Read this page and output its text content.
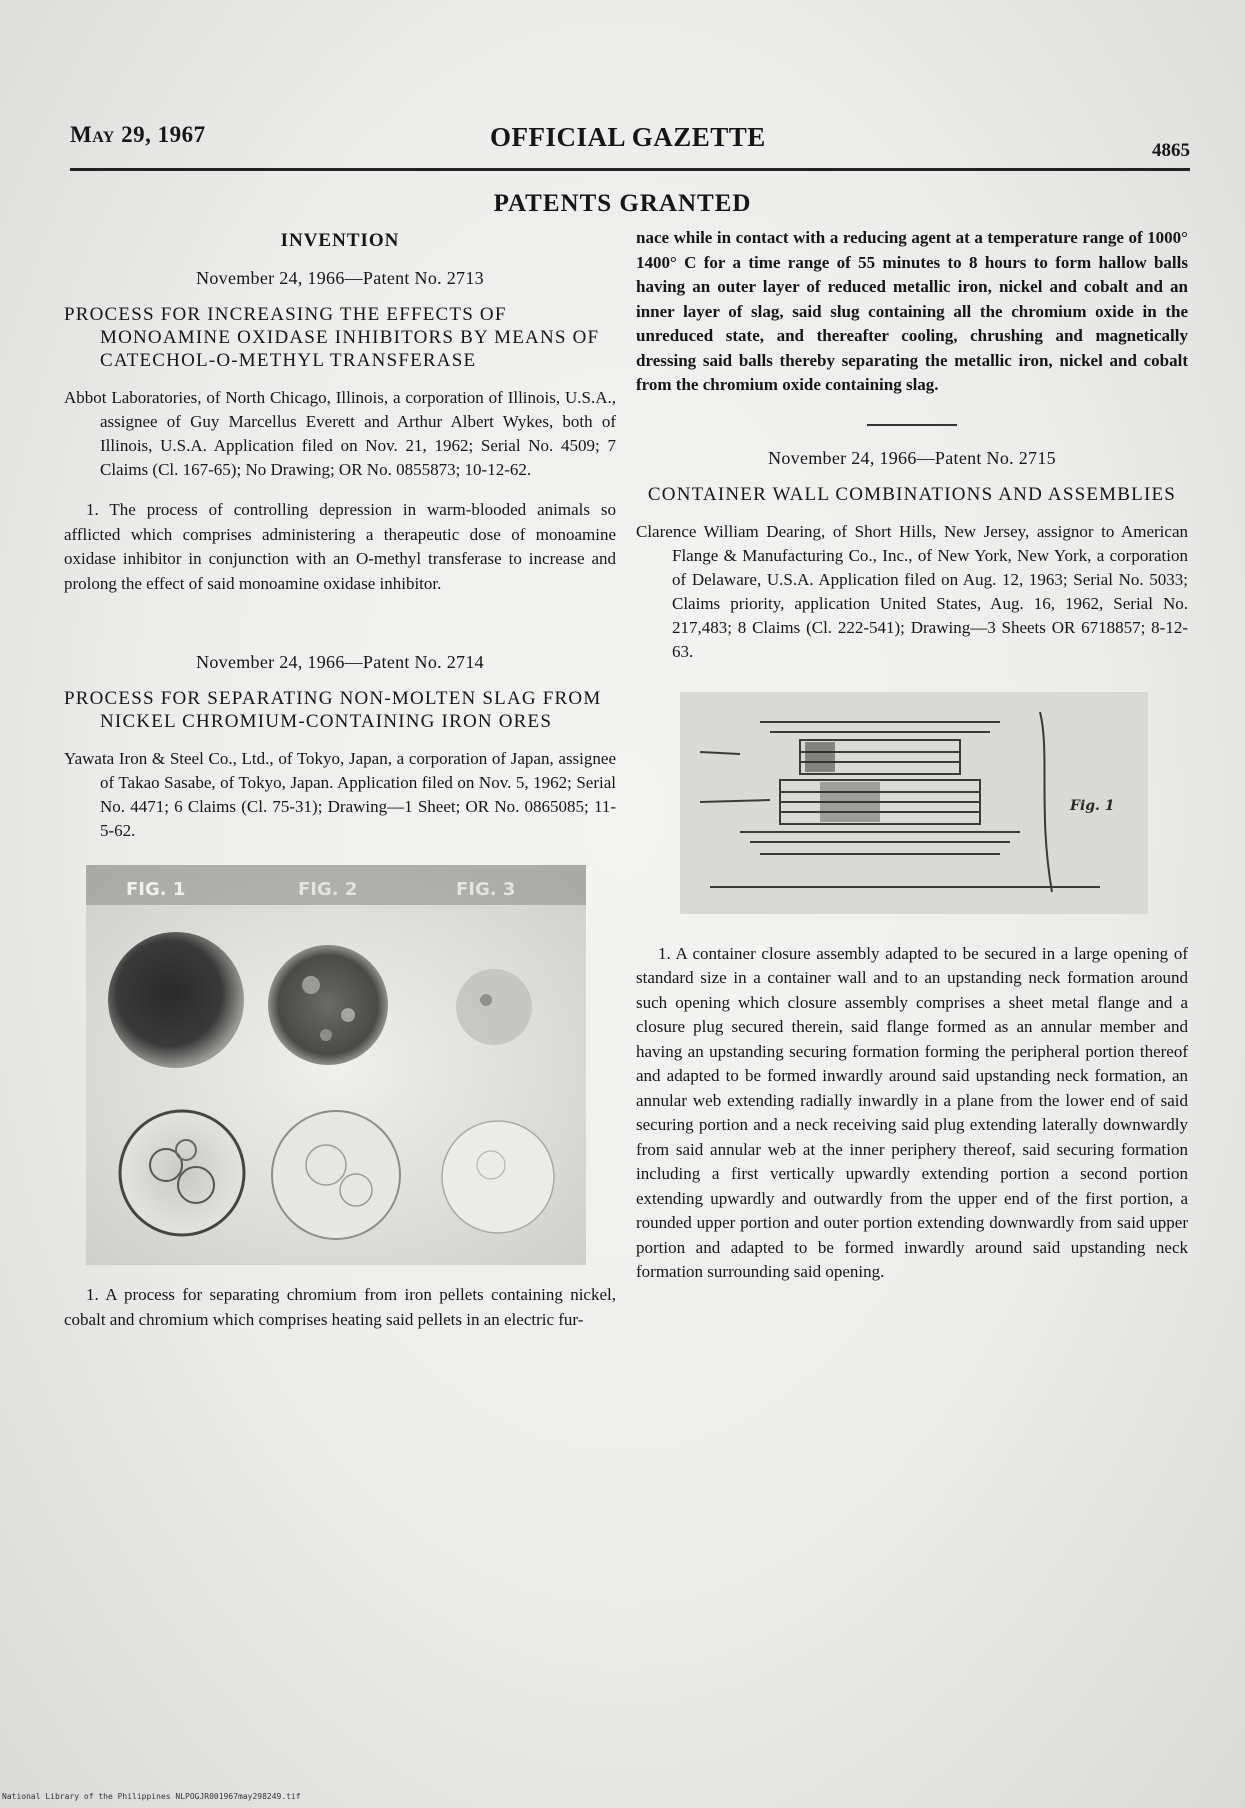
May 29, 1967	OFFICIAL GAZETTE	4865
PATENTS GRANTED
INVENTION
November 24, 1966—Patent No. 2713
PROCESS FOR INCREASING THE EFFECTS OF MONOAMINE OXIDASE INHIBITORS BY MEANS OF CATECHOL-O-METHYL TRANSFERASE
Abbot Laboratories, of North Chicago, Illinois, a corporation of Illinois, U.S.A., assignee of Guy Marcellus Everett and Arthur Albert Wykes, both of Illinois, U.S.A. Application filed on Nov. 21, 1962; Serial No. 4509; 7 Claims (Cl. 167-65); No Drawing; OR No. 0855873; 10-12-62.

1. The process of controlling depression in warm-blooded animals so afflicted which comprises administering a therapeutic dose of monoamine oxidase inhibitor in conjunction with an O-methyl transferase to increase and prolong the effect of said monoamine oxidase inhibitor.

November 24, 1966—Patent No. 2714
PROCESS FOR SEPARATING NON-MOLTEN SLAG FROM NICKEL CHROMIUM-CONTAINING IRON ORES
Yawata Iron & Steel Co., Ltd., of Tokyo, Japan, a corporation of Japan, assignee of Takao Sasabe, of Tokyo, Japan. Application filed on Nov. 5, 1962; Serial No. 4471; 6 Claims (Cl. 75-31); Drawing—1 Sheet; OR No. 0865085; 11-5-62.
FIG. 1	FIG. 2	FIG. 3

1. A process for separating chromium from iron pellets containing nickel, cobalt and chromium which comprises heating said pellets in an electric fur-

nace while in contact with a reducing agent at a temperature range of 1000° 1400° C for a time range of 55 minutes to 8 hours to form hallow balls having an outer layer of reduced metallic iron, nickel and cobalt and an inner layer of slag, said slug containing all the chromium oxide in the unreduced state, and thereafter cooling, chrushing and magnetically dressing said balls thereby separating the metallic iron, nickel and cobalt from the chromium oxide containing slag.

November 24, 1966—Patent No. 2715
CONTAINER WALL COMBINATIONS AND ASSEMBLIES
Clarence William Dearing, of Short Hills, New Jersey, assignor to American Flange & Manufacturing Co., Inc., of New York, New York, a corporation of Delaware, U.S.A. Application filed on Aug. 12, 1963; Serial No. 5033; Claims priority, application United States, Aug. 16, 1962, Serial No. 217,483; 8 Claims (Cl. 222-541); Drawing—3 Sheets OR 6718857; 8-12-63.
Fig. 1

1. A container closure assembly adapted to be secured in a large opening of standard size in a container wall and to an upstanding neck formation around such opening which closure assembly comprises a sheet metal flange and a closure plug secured therein, said flange formed as an annular member and having an upstanding securing formation forming the peripheral portion thereof and adapted to be formed inwardly around said upstanding neck formation, an annular web extending radially inwardly in a plane from the lower end of said securing portion and a neck receiving said plug extending laterally downwardly from said annular web at the inner periphery thereof, said securing formation including a first vertically upwardly extending portion a second portion extending upwardly and outwardly from the upper end of the first portion, a rounded upper portion and outer portion extending downwardly from said upper portion and adapted to be formed inwardly around said upstanding neck formation surrounding said opening.

National Library of the Philippines NLPOGJR001967may298249.tif
